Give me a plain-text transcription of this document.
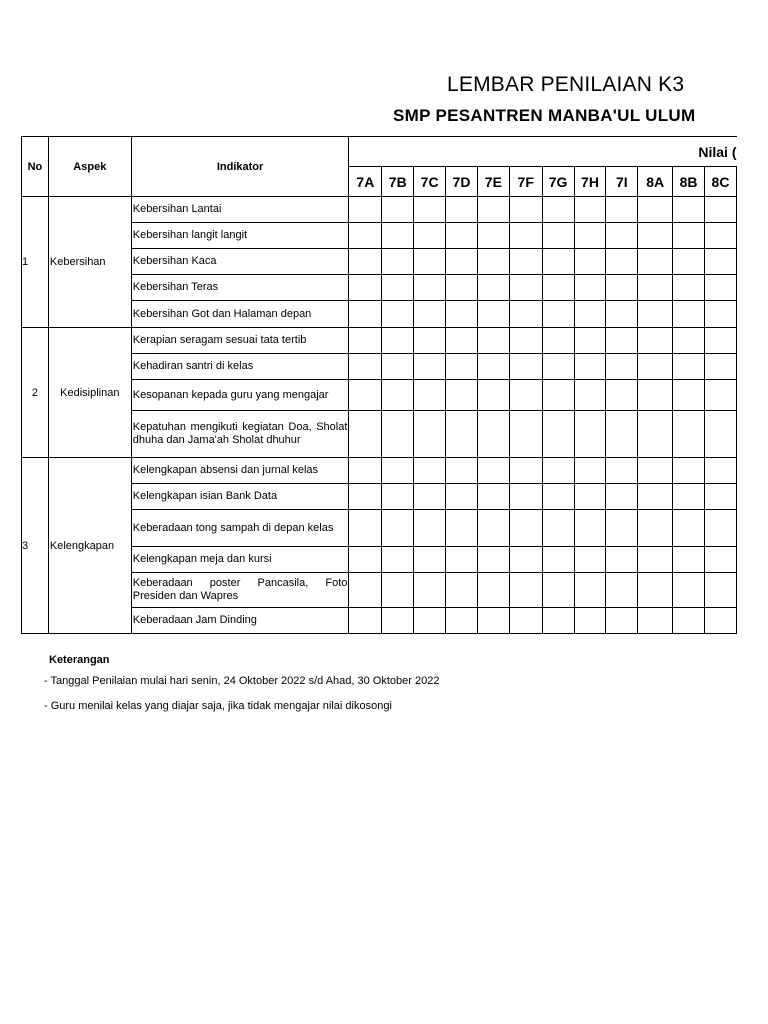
LEMBAR PENILAIAN K3
SMP PESANTREN MANBA'UL ULUM
No	Aspek	Indikator	Nilai (											
			7A	7B	7C	7D	7E	7F	7G	7H	7I	8A	8B	8C
1	Kebersihan	Kebersihan Lantai												
		Kebersihan langit langit												
		Kebersihan Kaca												
		Kebersihan Teras												
		Kebersihan Got dan Halaman depan												
2	Kedisiplinan	Kerapian seragam sesuai tata tertib												
		Kehadiran santri di kelas												
		Kesopanan kepada guru yang mengajar												
		Kepatuhan mengikuti kegiatan Doa, Sholat dhuha dan Jama'ah Sholat dhuhur												
3	Kelengkapan	Kelengkapan absensi dan jurnal kelas												
		Kelengkapan isian Bank Data												
		Keberadaan tong sampah di depan kelas												
		Kelengkapan meja dan kursi												
		Keberadaan poster Pancasila, Foto Presiden dan Wapres												
		Keberadaan Jam Dinding												
Keterangan
- Tanggal Penilaian mulai hari senin, 24 Oktober 2022 s/d Ahad, 30 Oktober 2022
- Guru menilai kelas yang diajar saja, jika tidak mengajar nilai dikosongi
